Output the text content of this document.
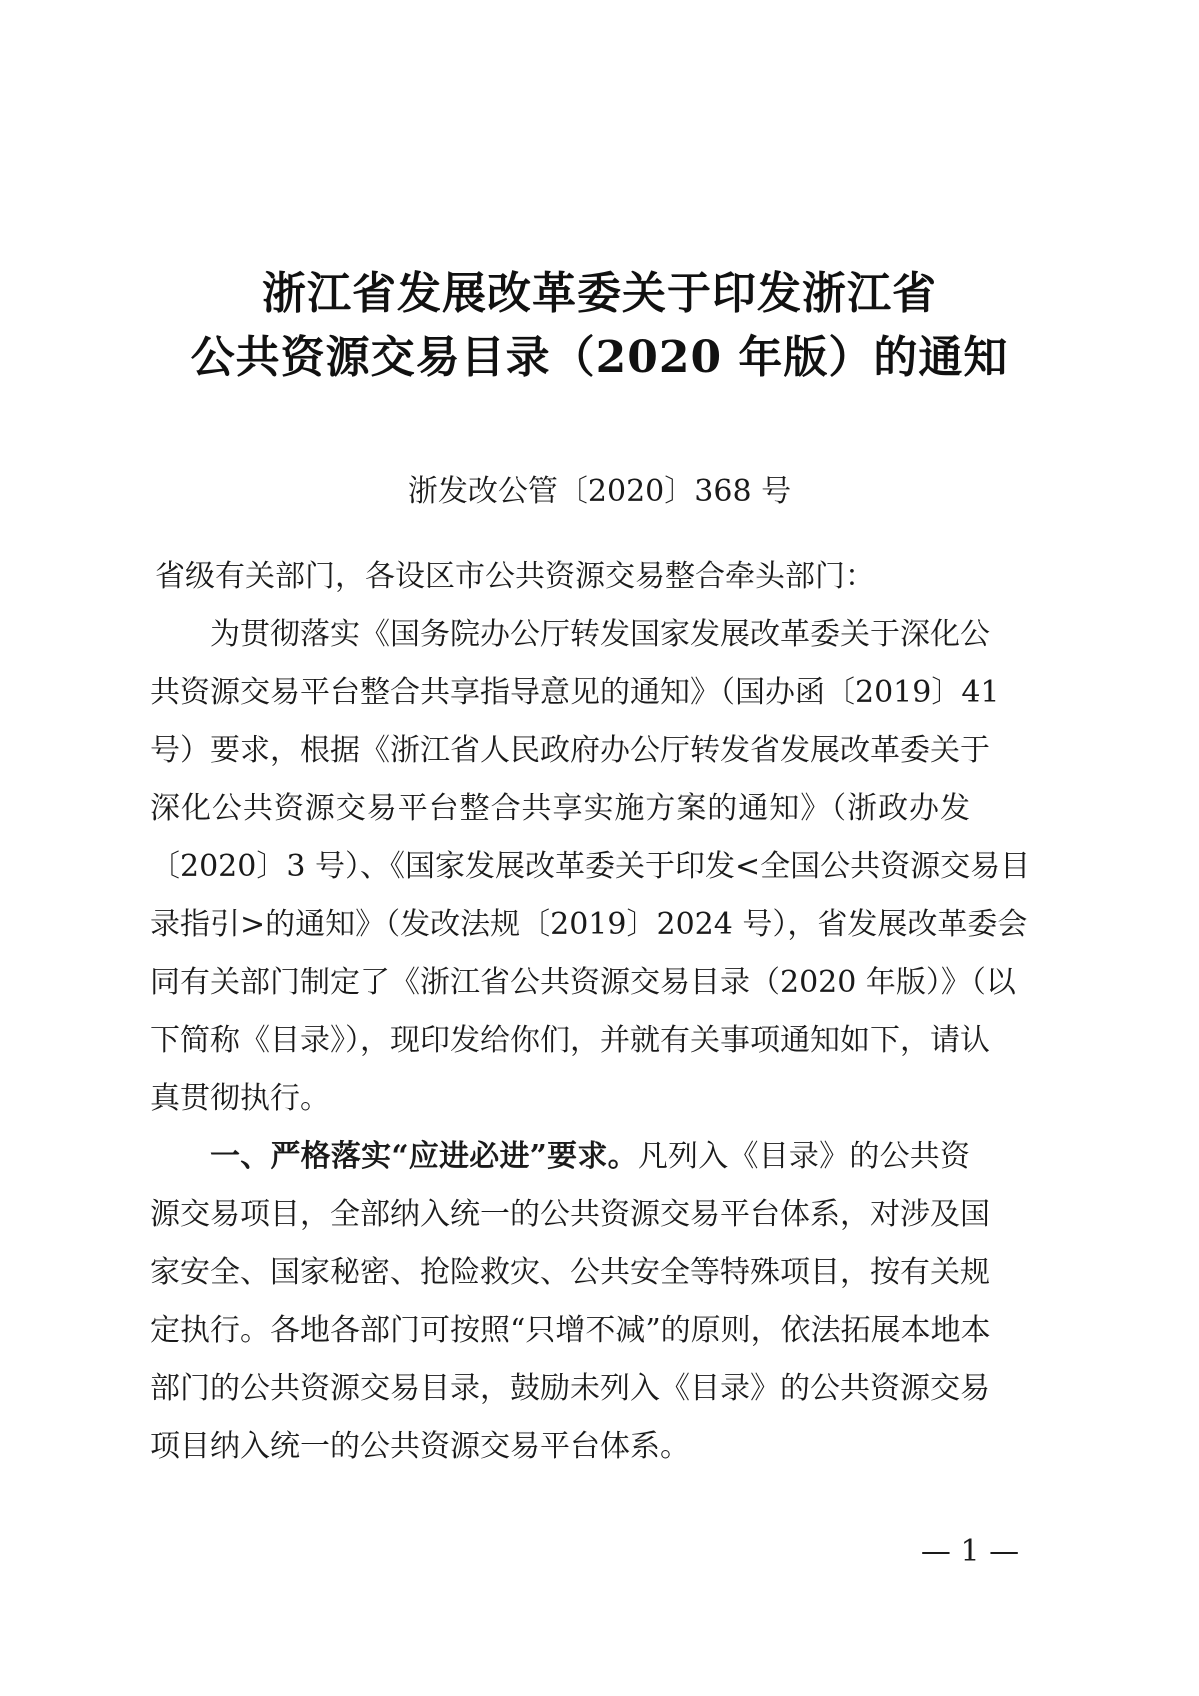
浙江省发展改革委关于印发浙江省
公共资源交易目录（2020 年版）的通知
浙发改公管〔2020〕368 号
省级有关部门，各设区市公共资源交易整合牵头部门：
为贯彻落实《国务院办公厅转发国家发展改革委关于深化公
共资源交易平台整合共享指导意见的通知》（国办函〔2019〕41
号）要求，根据《浙江省人民政府办公厅转发省发展改革委关于
深化公共资源交易平台整合共享实施方案的通知》（浙政办发
〔2020〕3 号）、《国家发展改革委关于印发<全国公共资源交易目
录指引>的通知》（发改法规〔2019〕2024 号），省发展改革委会
同有关部门制定了《浙江省公共资源交易目录（2020 年版）》（以
下简称《目录》），现印发给你们，并就有关事项通知如下，请认
真贯彻执行。
一、严格落实“应进必进”要求。凡列入《目录》的公共资
源交易项目，全部纳入统一的公共资源交易平台体系，对涉及国
家安全、国家秘密、抢险救灾、公共安全等特殊项目，按有关规
定执行。各地各部门可按照“只增不减”的原则，依法拓展本地本
部门的公共资源交易目录，鼓励未列入《目录》的公共资源交易
项目纳入统一的公共资源交易平台体系。
— 1 —
